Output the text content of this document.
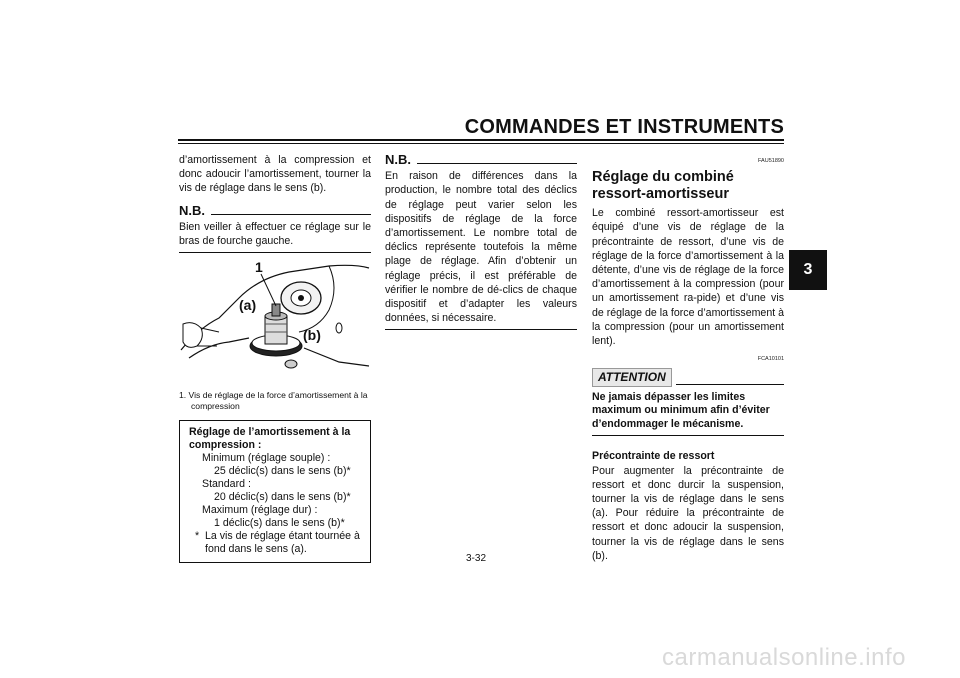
COMMANDES ET INSTRUMENTS
3

d’amortissement à la compression et donc adoucir l’amortissement, tourner la vis de réglage dans le sens (b).

N.B.

Bien veiller à effectuer ce réglage sur le bras de fourche gauche.

1
(a)
(b)
1. Vis de réglage de la force d’amortissement à la compression
Réglage de l’amortissement à la compression :
Minimum (réglage souple) :
25 déclic(s) dans le sens (b)*
Standard :
20 déclic(s) dans le sens (b)*
Maximum (réglage dur) :
1 déclic(s) dans le sens (b)*
* La vis de réglage étant tournée à fond dans le sens (a).
N.B.

En raison de différences dans la production, le nombre total des déclics de réglage peut varier selon les dispositifs de réglage de la force d’amortissement. Le nombre total de déclics représente toutefois la même plage de réglage. Afin d’obtenir un réglage précis, il est préférable de vérifier le nombre de dé-clics de chaque dispositif et d’adapter les valeurs données, si nécessaire.

FAU51890
Réglage du combiné ressort-amortisseur

Le combiné ressort-amortisseur est équipé d’une vis de réglage de la précontrainte de ressort, d’une vis de réglage de la force d’amortissement à la détente, d’une vis de réglage de la force d’amortissement à la compression (pour un amortissement ra-pide) et d’une vis de réglage de la force d’amortissement à la compression (pour un amortissement lent).

FCA10101
ATTENTION
Ne jamais dépasser les limites maximum ou minimum afin d’éviter d’endommager le mécanisme.
Précontrainte de ressort

Pour augmenter la précontrainte de ressort et donc durcir la suspension, tourner la vis de réglage dans le sens (a). Pour réduire la précontrainte de ressort et donc adoucir la suspension, tourner la vis de réglage dans le sens (b).

3-32
carmanualsonline.info
